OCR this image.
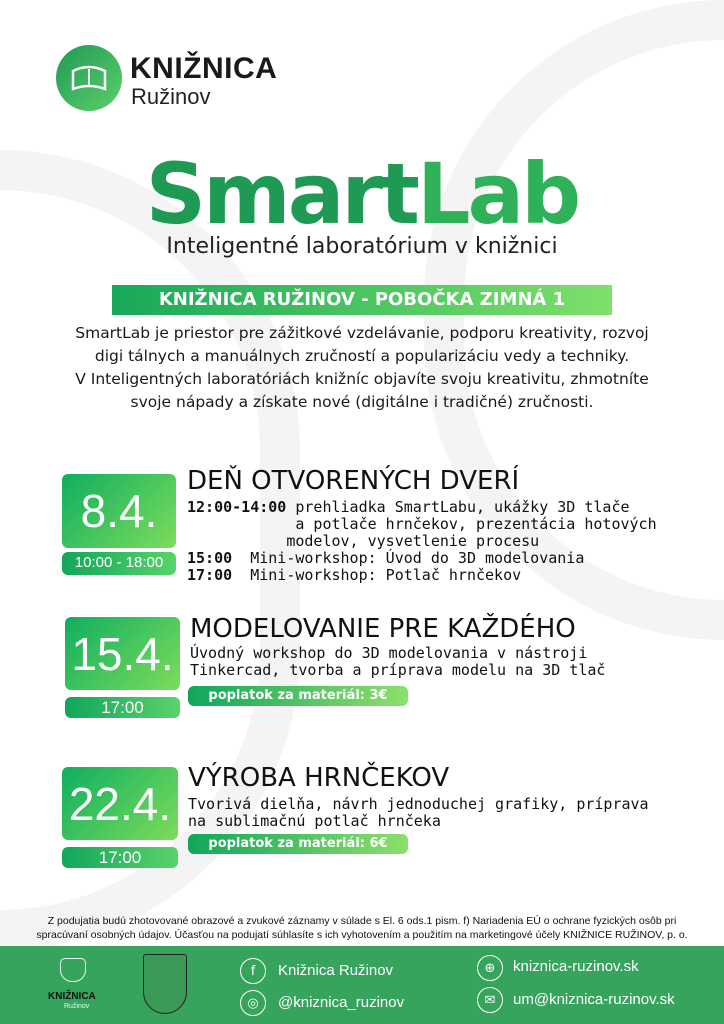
KNIŽNICA
Ružinov
SmartLab
Inteligentné laboratórium v knižnici
KNIŽNICA RUŽINOV - POBOČKA ZIMNÁ 1
SmartLab je priestor pre zážitkové vzdelávanie, podporu kreativity, rozvoj
digi tálnych a manuálnych zručností a popularizáciu vedy a techniky.
V Inteligentných laboratóriách knižníc objavíte svoju kreativitu, zhmotníte
svoje nápady a získate nové (digitálne i tradičné) zručnosti.
8.4.
10:00 - 18:00
DEŇ OTVORENÝCH DVERÍ
12:00-14:00 prehliadka SmartLabu, ukážky 3D tlače
a potlače hrnčekov, prezentácia hotových
modelov, vysvetlenie procesu
15:00  Mini-workshop: Úvod do 3D modelovania
17:00  Mini-workshop: Potlač hrnčekov
15.4.
17:00
MODELOVANIE PRE KAŽDÉHO
Úvodný workshop do 3D modelovania v nástroji
Tinkercad, tvorba a príprava modelu na 3D tlač
poplatok za materiál: 3€
22.4.
17:00
VÝROBA HRNČEKOV
Tvorivá dielňa, návrh jednoduchej grafiky, príprava
na sublimačnú potlač hrnčeka
poplatok za materiál: 6€
Z podujatia budú zhotovované obrazové a zvukové záznamy v súlade s El. 6 ods.1 pism. f) Nariadenia EÚ o ochrane fyzických osôb pri
spracúvaní osobných údajov. Účasťou na podujatí súhlasíte s ich vyhotovením a použitím na marketingové účely KNIŽNICE RUŽINOV, p. o.
KNIŽNICA
Ružinov
f	Knižnica Ružinov
◎	@kniznica_ruzinov
⊕	kniznica-ruzinov.sk
✉	um@kniznica-ruzinov.sk
